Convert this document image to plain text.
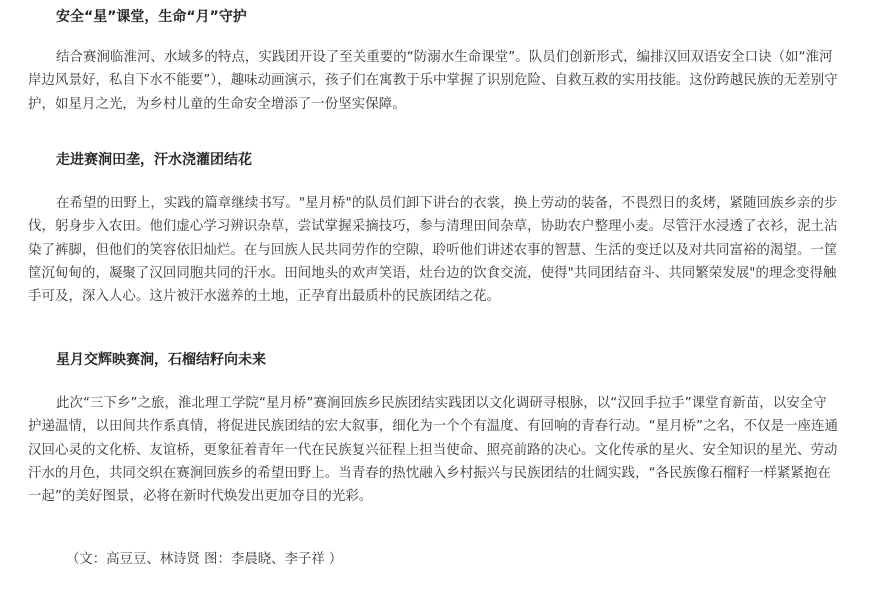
安全“星”课堂，生命“月”守护

结合赛涧临淮河、水域多的特点，实践团开设了至关重要的“防溺水生命课堂”。队员们创新形式，编排汉回双语安全口诀（如“淮河岸边风景好，私自下水不能要”），趣味动画演示，孩子们在寓教于乐中掌握了识别危险、自救互救的实用技能。这份跨越民族的无差别守护，如星月之光，为乡村儿童的生命安全增添了一份坚实保障。

走进赛涧田垄，汗水浇灌团结花

在希望的田野上，实践的篇章继续书写。"星月桥"的队员们卸下讲台的衣裳，换上劳动的装备，不畏烈日的炙烤，紧随回族乡亲的步伐，躬身步入农田。他们虚心学习辨识杂草，尝试掌握采摘技巧，参与清理田间杂草，协助农户整理小麦。尽管汗水浸透了衣衫，泥土沾染了裤脚，但他们的笑容依旧灿烂。在与回族人民共同劳作的空隙，聆听他们讲述农事的智慧、生活的变迁以及对共同富裕的渴望。一筐筐沉甸甸的，凝聚了汉回同胞共同的汗水。田间地头的欢声笑语，灶台边的饮食交流，使得"共同团结奋斗、共同繁荣发展"的理念变得触手可及，深入人心。这片被汗水滋养的土地，正孕育出最质朴的民族团结之花。

星月交辉映赛涧，石榴结籽向未来

此次“三下乡”之旅，淮北理工学院“星月桥”赛涧回族乡民族团结实践团以文化调研寻根脉，以“汉回手拉手”课堂育新苗，以安全守护递温情，以田间共作系真情，将促进民族团结的宏大叙事，细化为一个个有温度、有回响的青春行动。“星月桥”之名，不仅是一座连通汉回心灵的文化桥、友谊桥，更象征着青年一代在民族复兴征程上担当使命、照亮前路的决心。文化传承的星火、安全知识的星光、劳动汗水的月色，共同交织在赛涧回族乡的希望田野上。当青春的热忱融入乡村振兴与民族团结的壮阔实践，“各民族像石榴籽一样紧紧抱在一起”的美好图景，必将在新时代焕发出更加夺目的光彩。

（文：高豆豆、林诗贤 图：李晨晓、李子祥 ）
